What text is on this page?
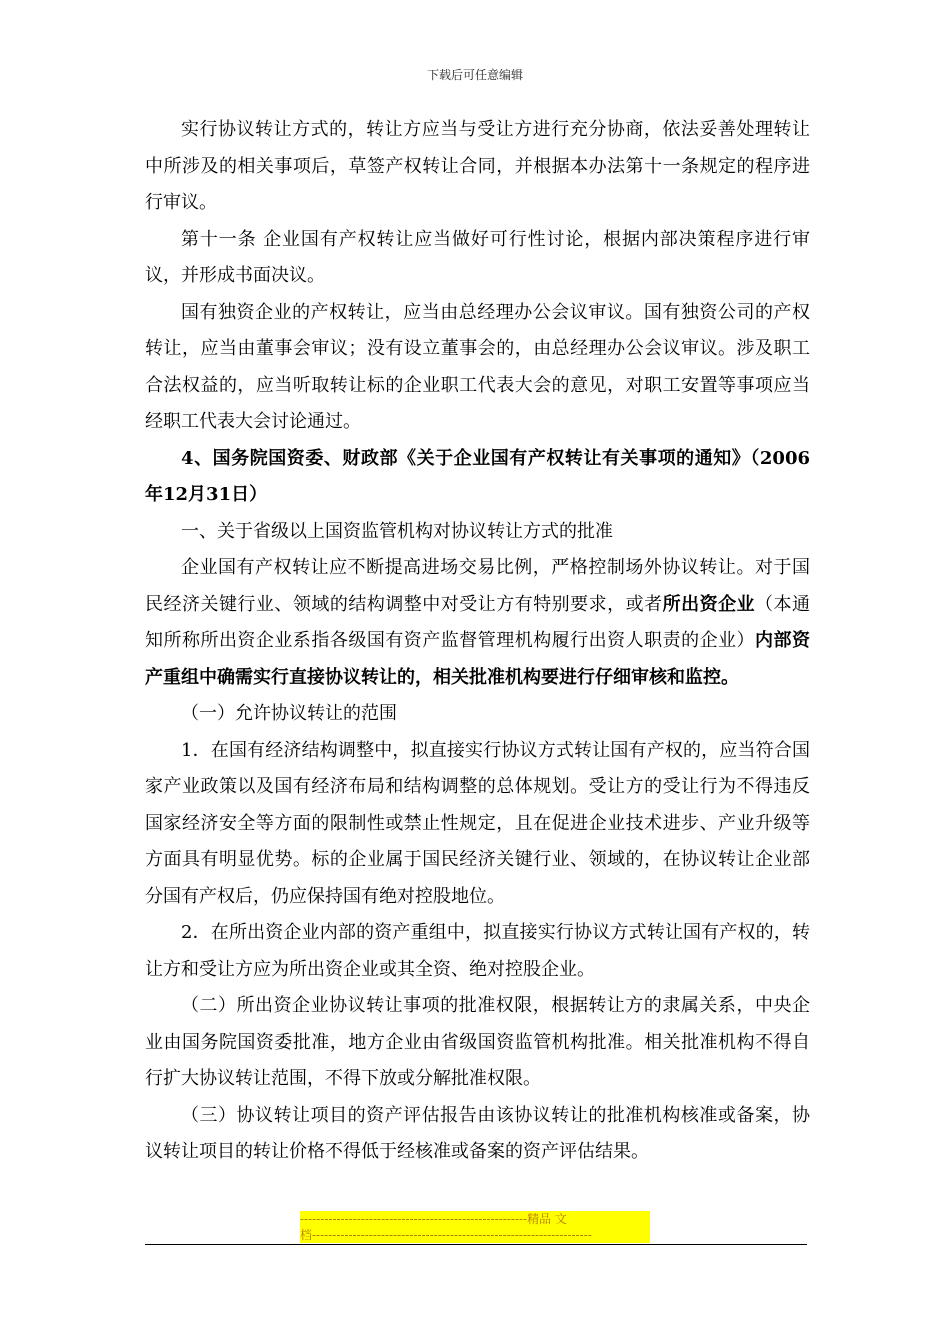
下载后可任意编辑

实行协议转让方式的，转让方应当与受让方进行充分协商，依法妥善处理转让中所涉及的相关事项后，草签产权转让合同，并根据本办法第十一条规定的程序进行审议。

第十一条 企业国有产权转让应当做好可行性讨论，根据内部决策程序进行审议，并形成书面决议。

国有独资企业的产权转让，应当由总经理办公会议审议。国有独资公司的产权转让，应当由董事会审议；没有设立董事会的，由总经理办公会议审议。涉及职工合法权益的，应当听取转让标的企业职工代表大会的意见，对职工安置等事项应当经职工代表大会讨论通过。

4、国务院国资委、财政部《关于企业国有产权转让有关事项的通知》（2006年12月31日）

一、关于省级以上国资监管机构对协议转让方式的批准

企业国有产权转让应不断提高进场交易比例，严格控制场外协议转让。对于国民经济关键行业、领域的结构调整中对受让方有特别要求，或者所出资企业（本通知所称所出资企业系指各级国有资产监督管理机构履行出资人职责的企业）内部资产重组中确需实行直接协议转让的，相关批准机构要进行仔细审核和监控。

（一）允许协议转让的范围

1．在国有经济结构调整中，拟直接实行协议方式转让国有产权的，应当符合国家产业政策以及国有经济布局和结构调整的总体规划。受让方的受让行为不得违反国家经济安全等方面的限制性或禁止性规定，且在促进企业技术进步、产业升级等方面具有明显优势。标的企业属于国民经济关键行业、领域的，在协议转让企业部分国有产权后，仍应保持国有绝对控股地位。

2．在所出资企业内部的资产重组中，拟直接实行协议方式转让国有产权的，转让方和受让方应为所出资企业或其全资、绝对控股企业。

（二）所出资企业协议转让事项的批准权限，根据转让方的隶属关系，中央企业由国务院国资委批准，地方企业由省级国资监管机构批准。相关批准机构不得自行扩大协议转让范围，不得下放或分解批准权限。

（三）协议转让项目的资产评估报告由该协议转让的批准机构核准或备案，协议转让项目的转让价格不得低于经核准或备案的资产评估结果。

--------------------------------------------------------精品 文
档---------------------------------------------------------------------
